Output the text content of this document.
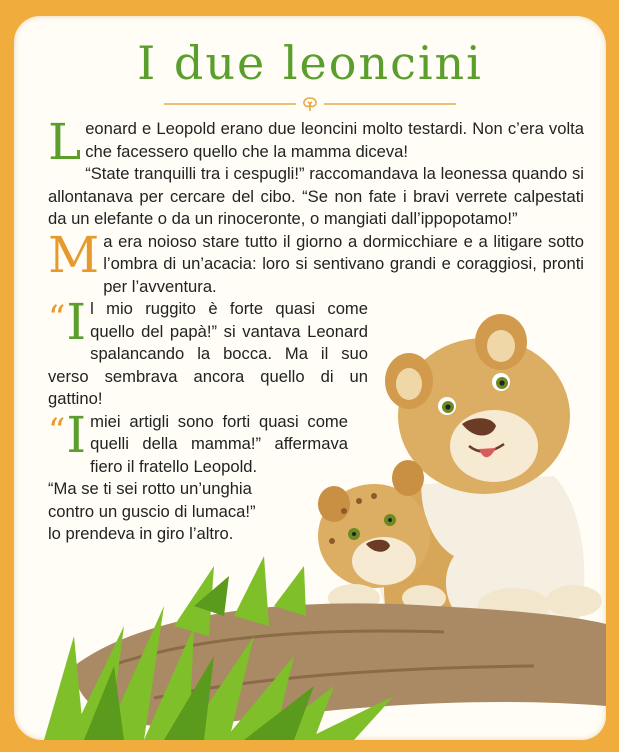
I due leoncini

Leonard e Leopold erano due leoncini molto testardi. Non c’era volta che facessero quello che la mamma diceva!

“State tranquilli tra i cespugli!” raccomandava la leonessa quando si allontanava per cercare del cibo. “Se non fate i bravi verrete calpestati da un elefante o da un rinoceronte, o mangiati dall’ippopotamo!”

Ma era noioso stare tutto il giorno a dormicchiare e a litigare sotto l’ombra di un’acacia: loro si sentivano grandi e coraggiosi, pronti per l’avventura.

“ I l mio ruggito è forte quasi come quello del papà!” si vantava Leonard spalancando la bocca. Ma il suo verso sembrava ancora quello di un gattino!

“ I miei artigli sono forti quasi come quelli della mamma!” affermava fiero il fratello Leopold.

“Ma se ti sei rotto un’unghia contro un guscio di lumaca!” lo prendeva in giro l’altro.
